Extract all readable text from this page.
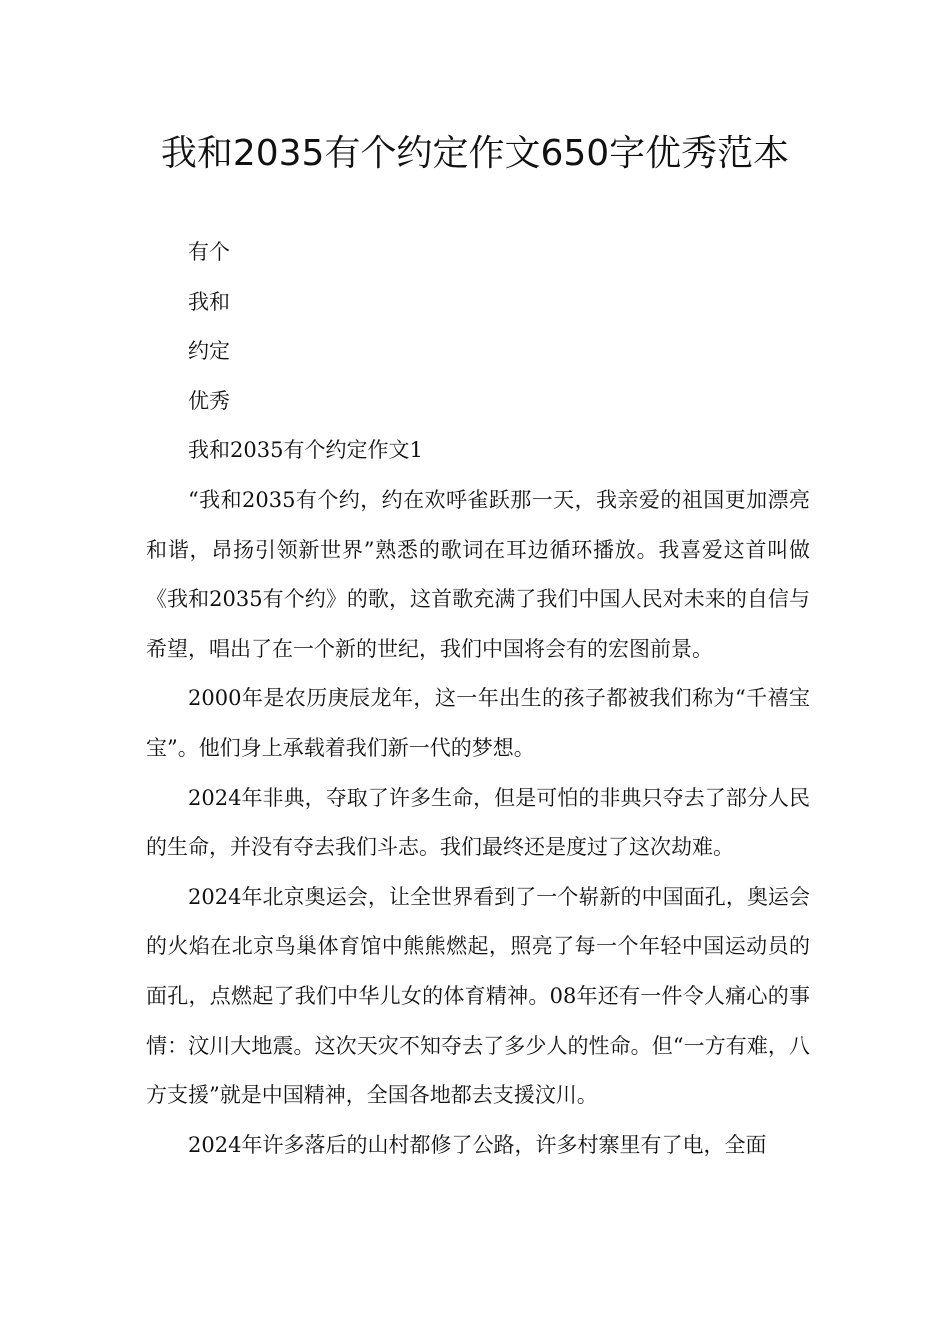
我和2035有个约定作文650字优秀范本

有个

我和

约定

优秀

我和2035有个约定作文1

“我和2035有个约，约在欢呼雀跃那一天，我亲爱的祖国更加漂亮和谐，昂扬引领新世界”熟悉的歌词在耳边循环播放。我喜爱这首叫做《我和2035有个约》的歌，这首歌充满了我们中国人民对未来的自信与希望，唱出了在一个新的世纪，我们中国将会有的宏图前景。

2000年是农历庚辰龙年，这一年出生的孩子都被我们称为“千禧宝宝”。他们身上承载着我们新一代的梦想。

2024年非典，夺取了许多生命，但是可怕的非典只夺去了部分人民的生命，并没有夺去我们斗志。我们最终还是度过了这次劫难。

2024年北京奥运会，让全世界看到了一个崭新的中国面孔，奥运会的火焰在北京鸟巢体育馆中熊熊燃起，照亮了每一个年轻中国运动员的面孔，点燃起了我们中华儿女的体育精神。08年还有一件令人痛心的事情：汶川大地震。这次天灾不知夺去了多少人的性命。但“一方有难，八方支援”就是中国精神，全国各地都去支援汶川。

2024年许多落后的山村都修了公路，许多村寨里有了电，全面
